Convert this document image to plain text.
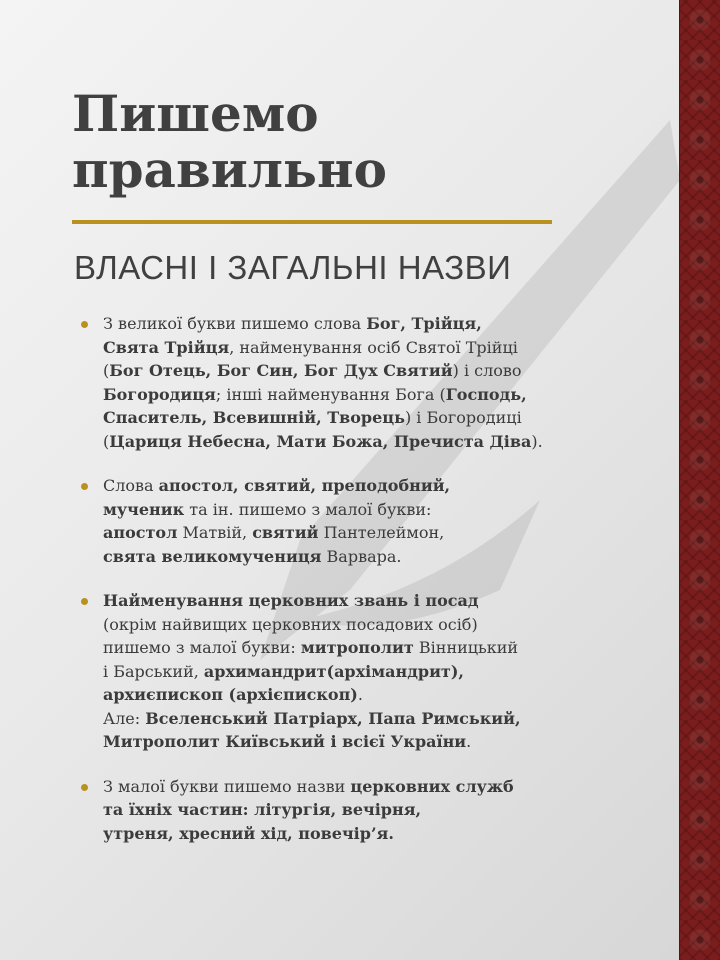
Пишемо
правильно
ВЛАСНІ І ЗАГАЛЬНІ НАЗВИ
З великої букви пишемо слова Бог, Трійця,
Свята Трійця, найменування осіб Святої Трійці
(Бог Отець, Бог Син, Бог Дух Святий) і слово
Богородиця; інші найменування Бога (Господь,
Спаситель, Всевишній, Творець) і Богородиці
(Цариця Небесна, Мати Божа, Пречиста Діва).
Слова апостол, святий, преподобний,
мученик та ін. пишемо з малої букви:
апостол Матвій, святий Пантелеймон,
свята великомучениця Варвара.
Найменування церковних звань і посад
(окрім найвищих церковних посадових осіб)
пишемо з малої букви: митрополит Вінницький
і Барський, архимандрит(архімандрит),
архиєпископ (архієпископ).
Але: Вселенський Патріарх, Папа Римський,
Митрополит Київський і всієї України.
З малої букви пишемо назви церковних служб
та їхніх частин: літургія, вечірня,
утреня, хресний хід, повечір’я.
